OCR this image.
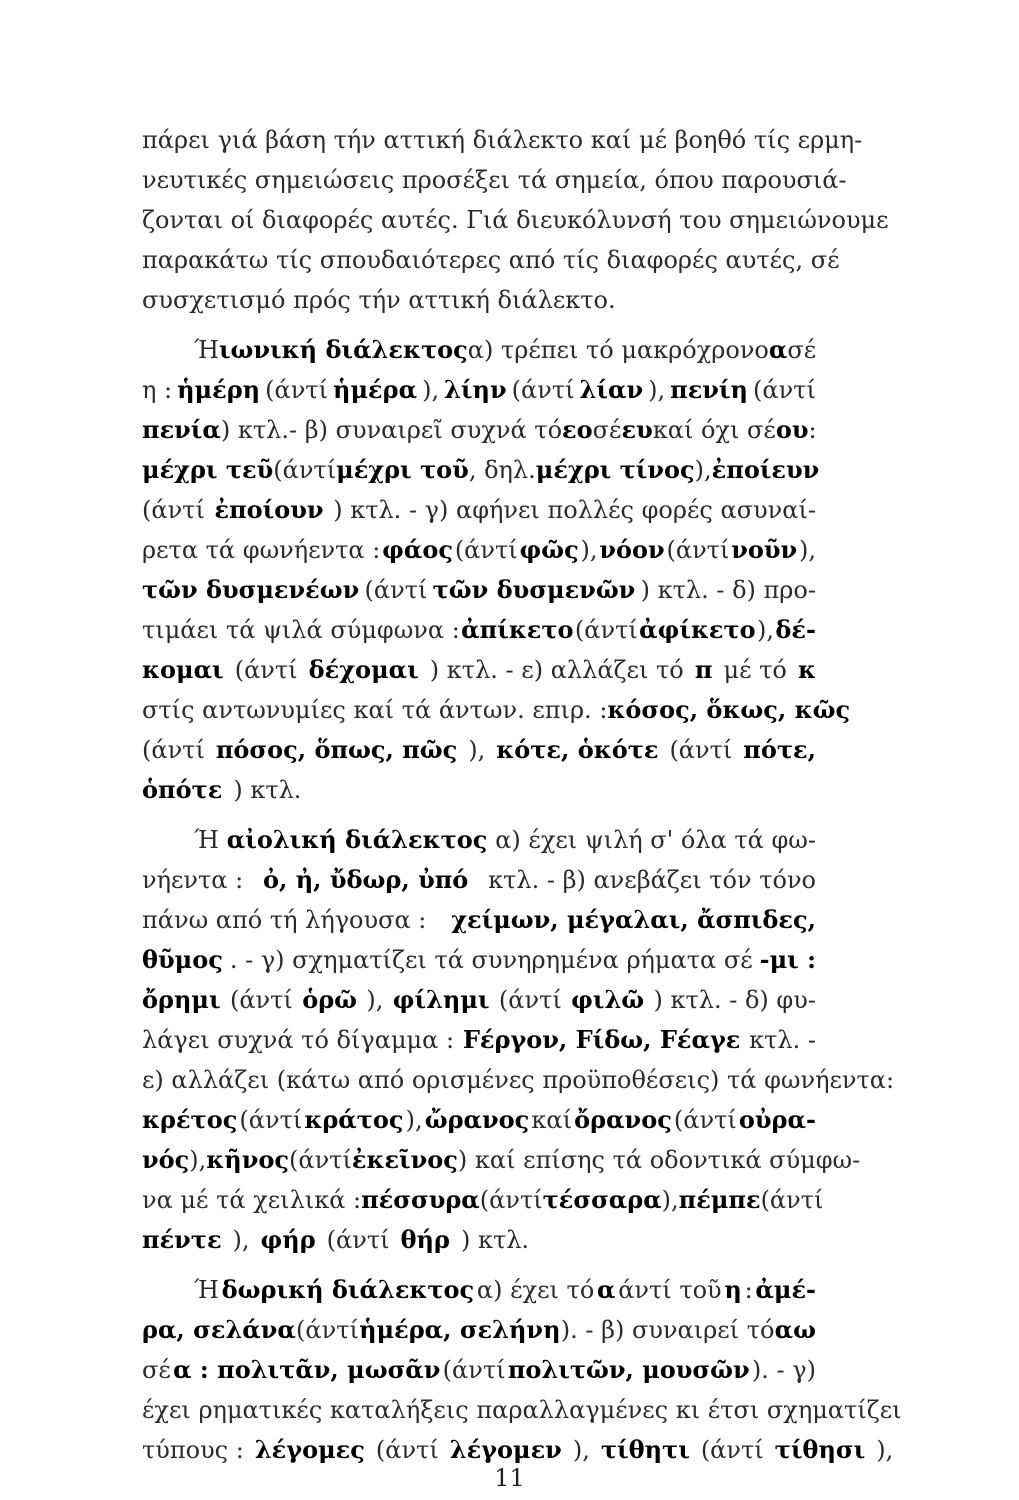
πάρει γιά βάση τήν αττική διάλεκτο καί μέ βοηθό τίς ερμη-
νευτικές σημειώσεις προσέξει τά σημεία, όπου παρουσιά-
ζονται οί διαφορές αυτές. Γιά διευκόλυνσή του σημειώνουμε
παρακάτω τίς σπουδαιότερες από τίς διαφορές αυτές, σέ
συσχετισμό πρός τήν αττική διάλεκτο.
Ή ιωνική διάλεκτος α) τρέπει τό μακρόχρονο α σέ
η : ἡμέρη (άντί ἡμέρα ), λίην (άντί λίαν ), πενίη (άντί
πενία ) κτλ.- β) συναιρεῖ συχνά τό εο σέ ευ καί όχι σέ ου :
μέχρι τεῦ (άντί μέχρι τοῦ , δηλ. μέχρι τίνος ), ἐποίευν
(άντί ἐποίουν ) κτλ. - γ) αφήνει πολλές φορές ασυναί-
ρετα τά φωνήεντα : φάος (άντί φῶς ), νόον (άντί νοῦν ),
τῶν δυσμενέων (άντί τῶν δυσμενῶν ) κτλ. - δ) προ-
τιμάει τά ψιλά σύμφωνα : ἀπίκετο (άντί ἀφίκετο ), δέ-
κομαι (άντί δέχομαι ) κτλ. - ε) αλλάζει τό π μέ τό κ
στίς αντωνυμίες καί τά άντων. επιρ. : κόσος, ὅκως, κῶς
(άντί πόσος, ὅπως, πῶς ), κότε, ὁκότε (άντί πότε,
ὁπότε ) κτλ.
Ή αἰολική διάλεκτος α) έχει ψιλή σ' όλα τά φω-
νήεντα : ὀ, ἠ, ὔδωρ, ὐπό κτλ. - β) ανεβάζει τόν τόνο
πάνω από τή λήγουσα : χείμων, μέγαλαι, ἄσπιδες,
θῦμος . - γ) σχηματίζει τά συνηρημένα ρήματα σέ -μι :
ὄρημι (άντί ὁρῶ ), φίλημι (άντί φιλῶ ) κτλ. - δ) φυ-
λάγει συχνά τό δίγαμμα : Fέργον, Fίδω, Fέαγε κτλ. -
ε) αλλάζει (κάτω από ορισμένες προϋποθέσεις) τά φωνήεντα:
κρέτος (άντί κράτος ), ὤρανος καί ὄρανος (άντί οὐρα-
νός ), κῆνος (άντί ἐκεῖνος ) καί επίσης τά οδοντικά σύμφω-
να μέ τά χειλικά : πέσσυρα (άντί τέσσαρα ), πέμπε (άντί
πέντε ), φήρ (άντί θήρ ) κτλ.
Ή δωρική διάλεκτος α) έχει τό α άντί τοῦ η : ἀμέ-
ρα, σελάνα (άντί ἡμέρα, σελήνη ). - β) συναιρεί τό αω
σέ α : πολιτᾶν, μωσᾶν (άντί πολιτῶν, μουσῶν ). - γ)
έχει ρηματικές καταλήξεις παραλλαγμένες κι έτσι σχηματίζει
τύπους : λέγομες (άντί λέγομεν ), τίθητι (άντί τίθησι ),
11
